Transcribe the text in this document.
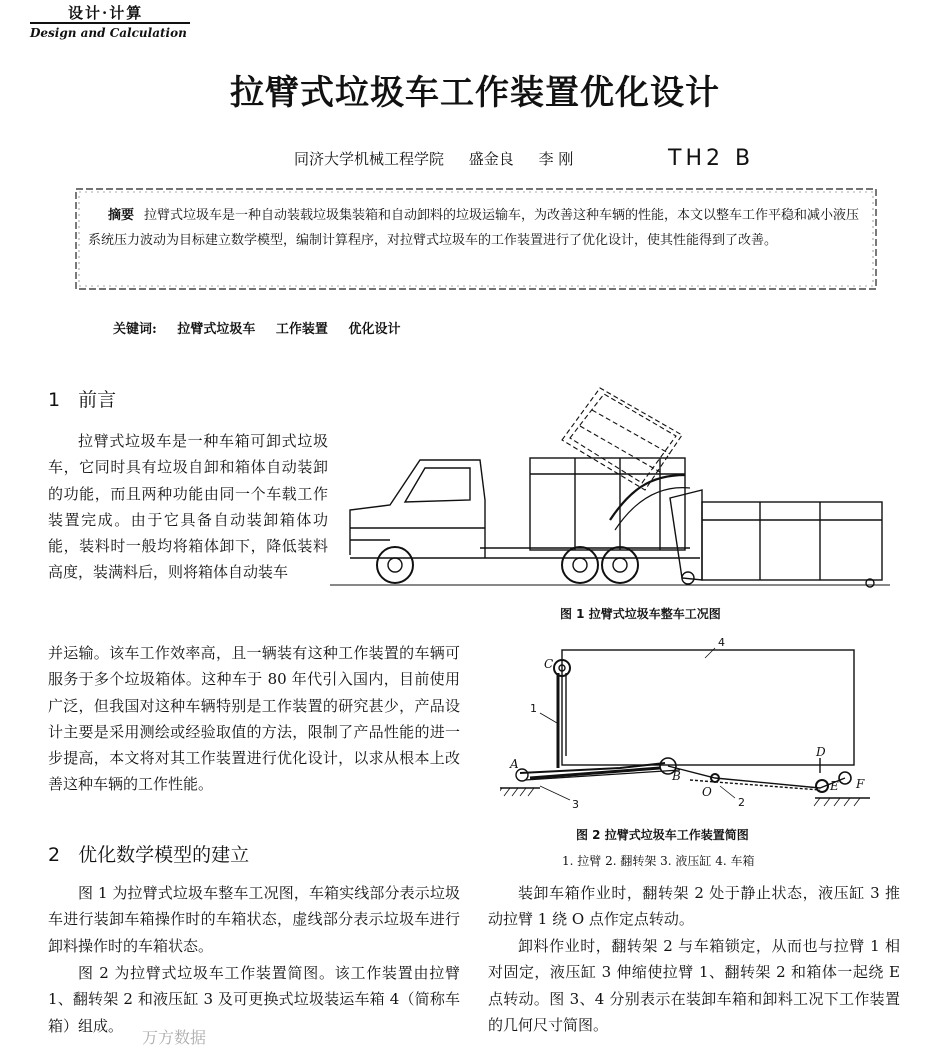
设计·计算
Design and Calculation
拉臂式垃圾车工作装置优化设计
同济大学机械工程学院 盛金良 李 刚	TH2 B
摘要 拉臂式垃圾车是一种自动装载垃圾集装箱和自动卸料的垃圾运输车，为改善这种车辆的性能，本文以整车工作平稳和减小液压系统压力波动为目标建立数学模型，编制计算程序，对拉臂式垃圾车的工作装置进行了优化设计，使其性能得到了改善。
关键词: 拉臂式垃圾车 工作装置 优化设计
1 前言
拉臂式垃圾车是一种车箱可卸式垃圾车，它同时具有垃圾自卸和箱体自动装卸的功能，而且两种功能由同一个车载工作装置完成。由于它具备自动装卸箱体功能，装料时一般均将箱体卸下，降低装料高度，装满料后，则将箱体自动装车
并运输。该车工作效率高，且一辆装有这种工作装置的车辆可服务于多个垃圾箱体。这种车于 80 年代引入国内，目前使用广泛，但我国对这种车辆特别是工作装置的研究甚少，产品设计主要是采用测绘或经验取值的方法，限制了产品性能的进一步提高，本文将对其工作装置进行优化设计，以求从根本上改善这种车辆的工作性能。
2 优化数学模型的建立
图 1 为拉臂式垃圾车整车工况图，车箱实线部分表示垃圾车进行装卸车箱操作时的车箱状态，虚线部分表示垃圾车进行卸料操作时的车箱状态。
图 2 为拉臂式垃圾车工作装置简图。该工作装置由拉臂 1、翻转架 2 和液压缸 3 及可更换式垃圾装运车箱 4（简称车箱）组成。
装卸车箱作业时，翻转架 2 处于静止状态，液压缸 3 推动拉臂 1 绕 O 点作定点转动。
卸料作业时，翻转架 2 与车箱锁定，从而也与拉臂 1 相对固定，液压缸 3 伸缩使拉臂 1、翻转架 2 和箱体一起绕 E 点转动。图 3、4 分别表示在装卸车箱和卸料工况下工作装置的几何尺寸简图。
图 1 拉臂式垃圾车整车工况图
C
A
B
O
D
E F
1
2
3
4
图 2 拉臂式垃圾车工作装置简图
1. 拉臂 2. 翻转架 3. 液压缸 4. 车箱
万方数据
